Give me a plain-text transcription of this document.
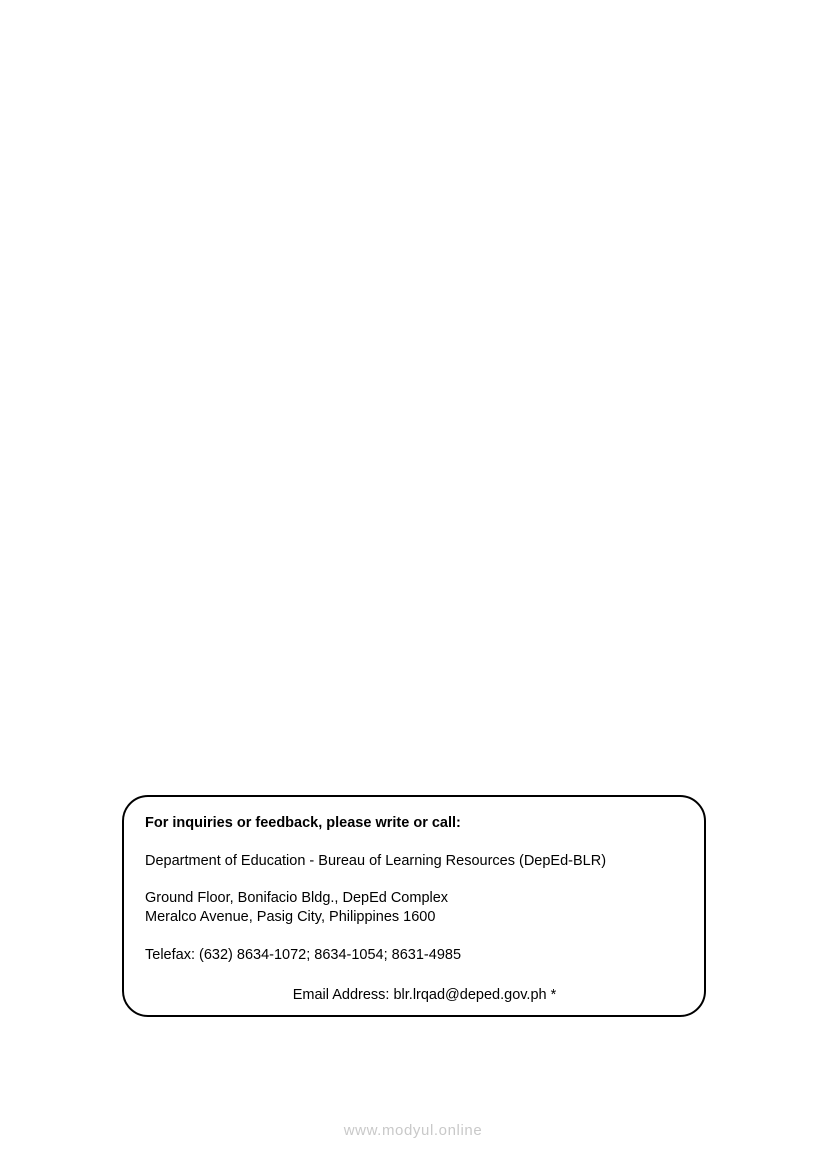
For inquiries or feedback, please write or call:
Department of Education - Bureau of Learning Resources (DepEd-BLR)
Ground Floor, Bonifacio Bldg., DepEd Complex
Meralco Avenue, Pasig City, Philippines 1600
Telefax: (632) 8634-1072; 8634-1054; 8631-4985
Email Address: blr.lrqad@deped.gov.ph *
www.modyul.online
